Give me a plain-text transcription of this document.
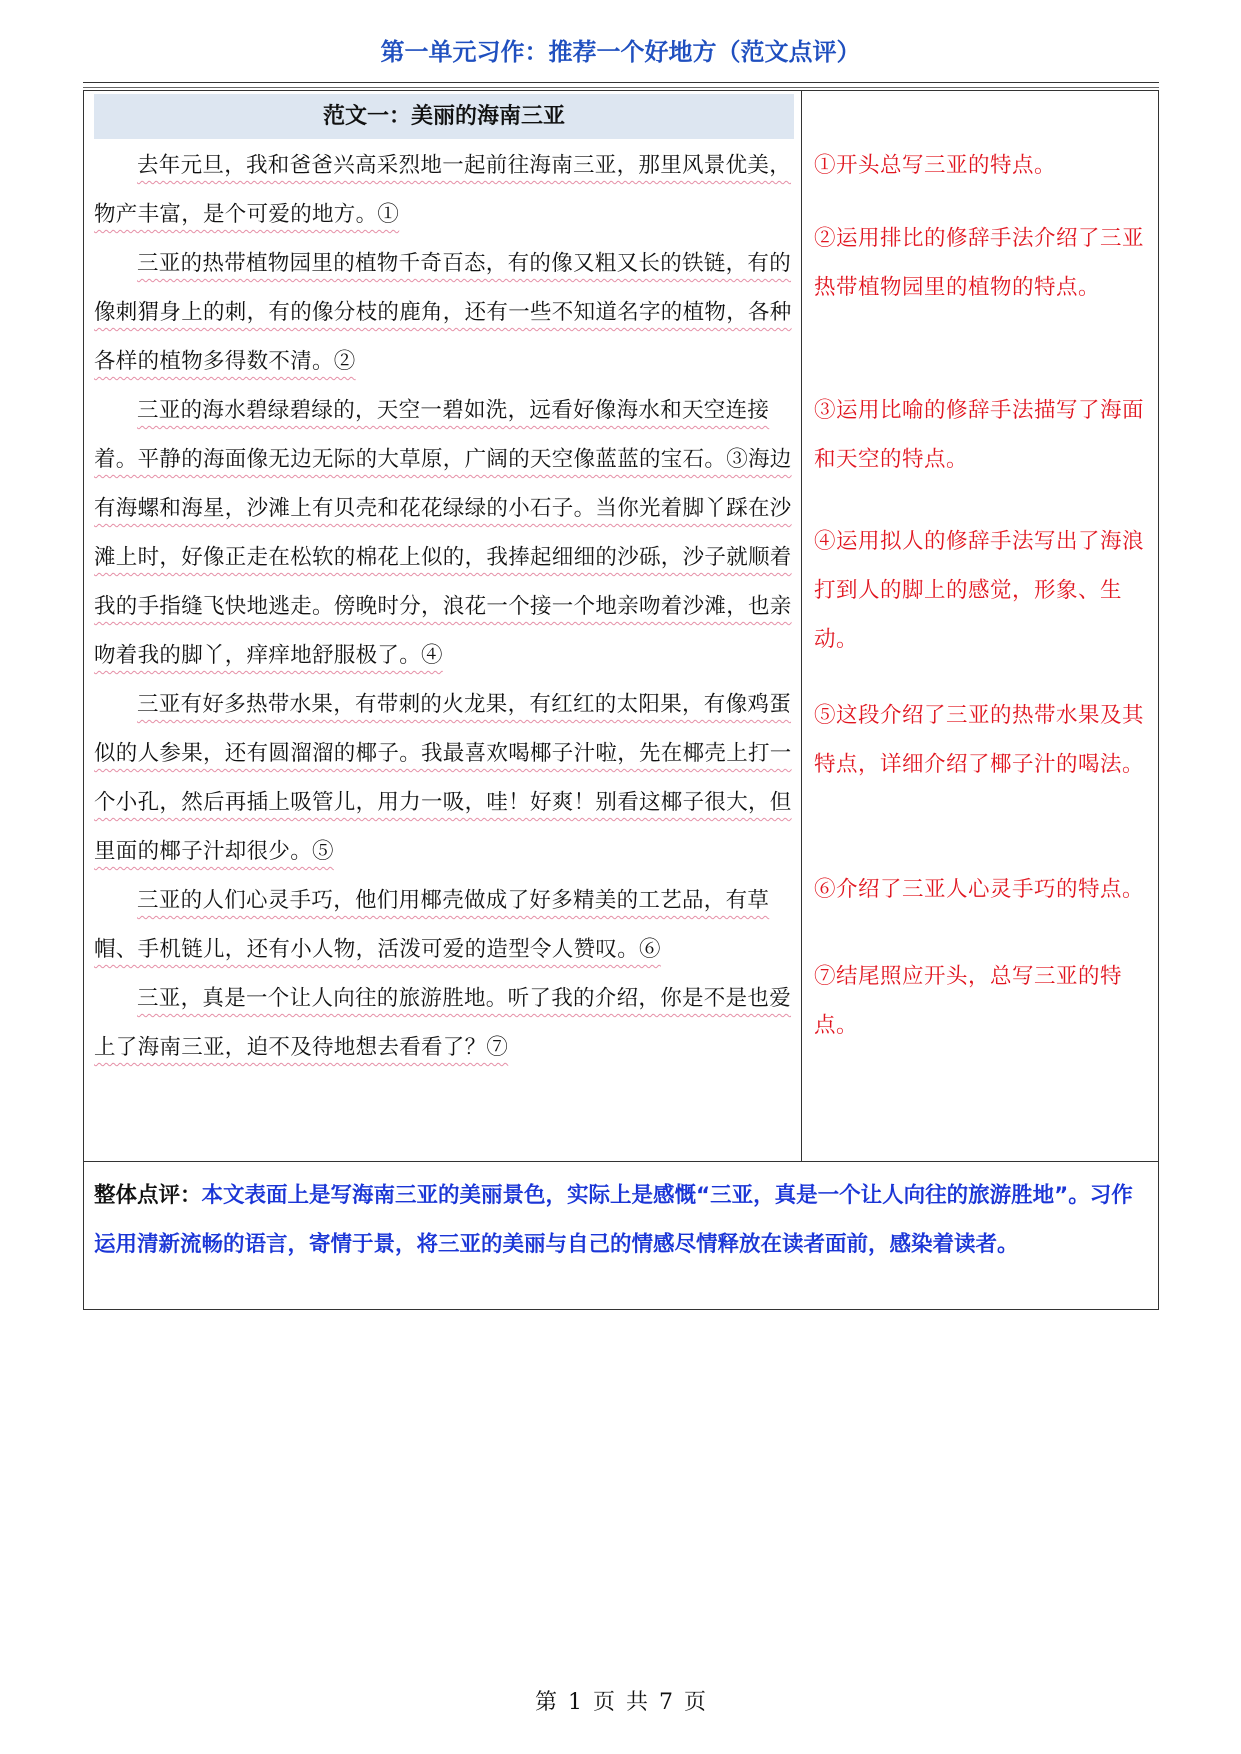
第一单元习作：推荐一个好地方（范文点评）
范文一：美丽的海南三亚

去年元旦，我和爸爸兴高采烈地一起前往海南三亚，那里风景优美，物产丰富，是个可爱的地方。①

三亚的热带植物园里的植物千奇百态，有的像又粗又长的铁链，有的像刺猬身上的刺，有的像分枝的鹿角，还有一些不知道名字的植物，各种各样的植物多得数不清。②

三亚的海水碧绿碧绿的，天空一碧如洗，远看好像海水和天空连接着。平静的海面像无边无际的大草原，广阔的天空像蓝蓝的宝石。③海边有海螺和海星，沙滩上有贝壳和花花绿绿的小石子。当你光着脚丫踩在沙滩上时，好像正走在松软的棉花上似的，我捧起细细的沙砾，沙子就顺着我的手指缝飞快地逃走。傍晚时分，浪花一个接一个地亲吻着沙滩，也亲吻着我的脚丫，痒痒地舒服极了。④

三亚有好多热带水果，有带刺的火龙果，有红红的太阳果，有像鸡蛋似的人参果，还有圆溜溜的椰子。我最喜欢喝椰子汁啦，先在椰壳上打一个小孔，然后再插上吸管儿，用力一吸，哇！好爽！别看这椰子很大，但里面的椰子汁却很少。⑤

三亚的人们心灵手巧，他们用椰壳做成了好多精美的工艺品，有草帽、手机链儿，还有小人物，活泼可爱的造型令人赞叹。⑥

三亚，真是一个让人向往的旅游胜地。听了我的介绍，你是不是也爱上了海南三亚，迫不及待地想去看看了？⑦

①开头总写三亚的特点。

②运用排比的修辞手法介绍了三亚热带植物园里的植物的特点。

③运用比喻的修辞手法描写了海面和天空的特点。

④运用拟人的修辞手法写出了海浪打到人的脚上的感觉，形象、生动。

⑤这段介绍了三亚的热带水果及其特点，详细介绍了椰子汁的喝法。

⑥介绍了三亚人心灵手巧的特点。

⑦结尾照应开头，总写三亚的特点。

整体点评：本文表面上是写海南三亚的美丽景色，实际上是感慨“三亚，真是一个让人向往的旅游胜地”。习作运用清新流畅的语言，寄情于景，将三亚的美丽与自己的情感尽情释放在读者面前，感染着读者。
第 1 页 共 7 页
